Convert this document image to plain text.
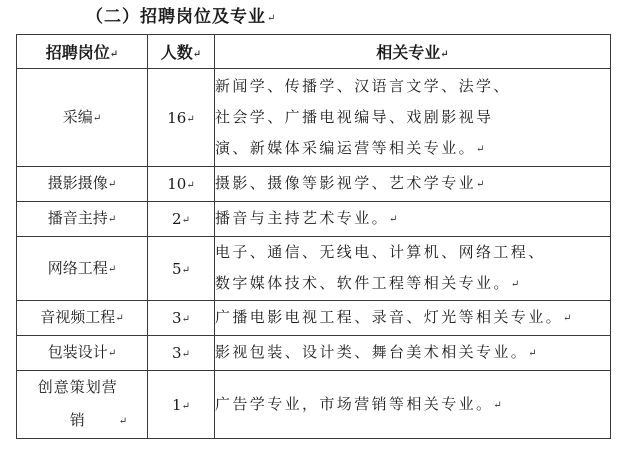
（二）招聘岗位及专业↵
招聘岗位↵	人数↵	相关专业↵
采编↵	16↵	新闻学、传播学、汉语言文学、法学、
社会学、广播电视编导、戏剧影视导
演、新媒体采编运营等相关专业。↵

摄影摄像↵	10↵	摄影、摄像等影视学、艺术学专业↵

播音主持↵	2↵	播音与主持艺术专业。↵

网络工程↵	5↵	电子、通信、无线电、计算机、网络工程、
数字媒体技术、软件工程等相关专业。↵

音视频工程↵	3↵	广播电影电视工程、录音、灯光等相关专业。↵

包装设计↵	3↵	影视包装、设计类、舞台美术相关专业。↵

创意策划营销 ↵	1↵	广告学专业，市场营销等相关专业。↵
